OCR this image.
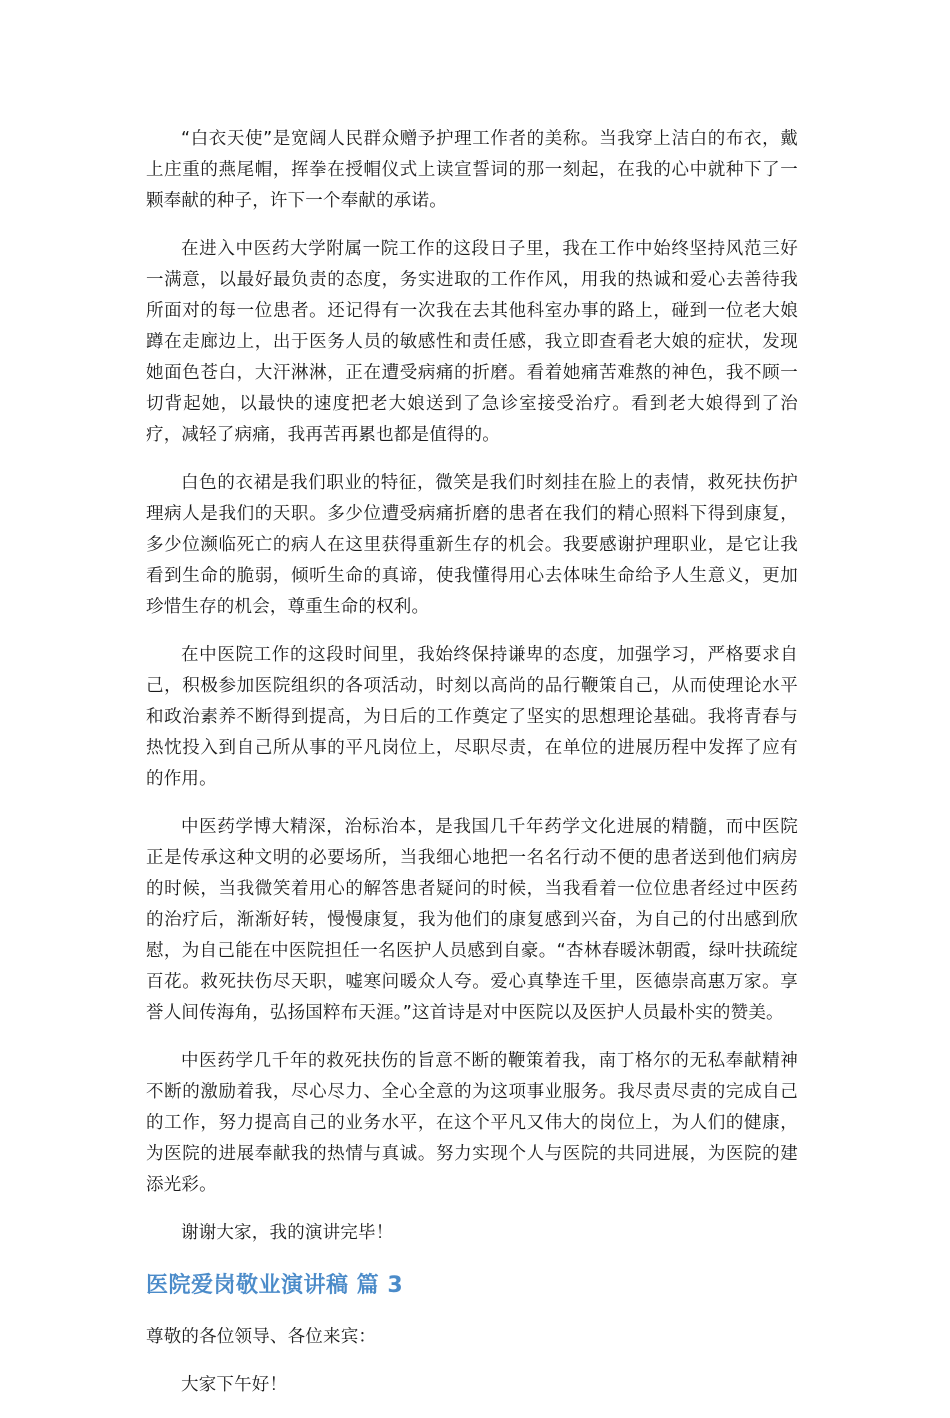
“白衣天使”是宽阔人民群众赠予护理工作者的美称。当我穿上洁白的布衣，戴上庄重的燕尾帽，挥拳在授帽仪式上读宣誓词的那一刻起，在我的心中就种下了一颗奉献的种子，许下一个奉献的承诺。

在进入中医药大学附属一院工作的这段日子里，我在工作中始终坚持风范三好一满意，以最好最负责的态度，务实进取的工作作风，用我的热诚和爱心去善待我所面对的每一位患者。还记得有一次我在去其他科室办事的路上，碰到一位老大娘蹲在走廊边上，出于医务人员的敏感性和责任感，我立即查看老大娘的症状，发现她面色苍白，大汗淋淋，正在遭受病痛的折磨。看着她痛苦难熬的神色，我不顾一切背起她，以最快的速度把老大娘送到了急诊室接受治疗。看到老大娘得到了治疗，减轻了病痛，我再苦再累也都是值得的。

白色的衣裙是我们职业的特征，微笑是我们时刻挂在脸上的表情，救死扶伤护理病人是我们的天职。多少位遭受病痛折磨的患者在我们的精心照料下得到康复，多少位濒临死亡的病人在这里获得重新生存的机会。我要感谢护理职业，是它让我看到生命的脆弱，倾听生命的真谛，使我懂得用心去体味生命给予人生意义，更加珍惜生存的机会，尊重生命的权利。

在中医院工作的这段时间里，我始终保持谦卑的态度，加强学习，严格要求自己，积极参加医院组织的各项活动，时刻以高尚的品行鞭策自己，从而使理论水平和政治素养不断得到提高，为日后的工作奠定了坚实的思想理论基础。我将青春与热忱投入到自己所从事的平凡岗位上，尽职尽责，在单位的进展历程中发挥了应有的作用。

中医药学博大精深，治标治本，是我国几千年药学文化进展的精髓，而中医院正是传承这种文明的必要场所，当我细心地把一名名行动不便的患者送到他们病房的时候，当我微笑着用心的解答患者疑问的时候，当我看着一位位患者经过中医药的治疗后，渐渐好转，慢慢康复，我为他们的康复感到兴奋，为自己的付出感到欣慰，为自己能在中医院担任一名医护人员感到自豪。“杏林春暖沐朝霞，绿叶扶疏绽百花。救死扶伤尽天职，嘘寒问暖众人夸。爱心真挚连千里，医德崇高惠万家。享誉人间传海角，弘扬国粹布天涯。”这首诗是对中医院以及医护人员最朴实的赞美。

中医药学几千年的救死扶伤的旨意不断的鞭策着我，南丁格尔的无私奉献精神不断的激励着我，尽心尽力、全心全意的为这项事业服务。我尽责尽责的完成自己的工作，努力提高自己的业务水平，在这个平凡又伟大的岗位上，为人们的健康，为医院的进展奉献我的热情与真诚。努力实现个人与医院的共同进展，为医院的建添光彩。

谢谢大家，我的演讲完毕！

医院爱岗敬业演讲稿 篇 3

尊敬的各位领导、各位来宾：

大家下午好！
